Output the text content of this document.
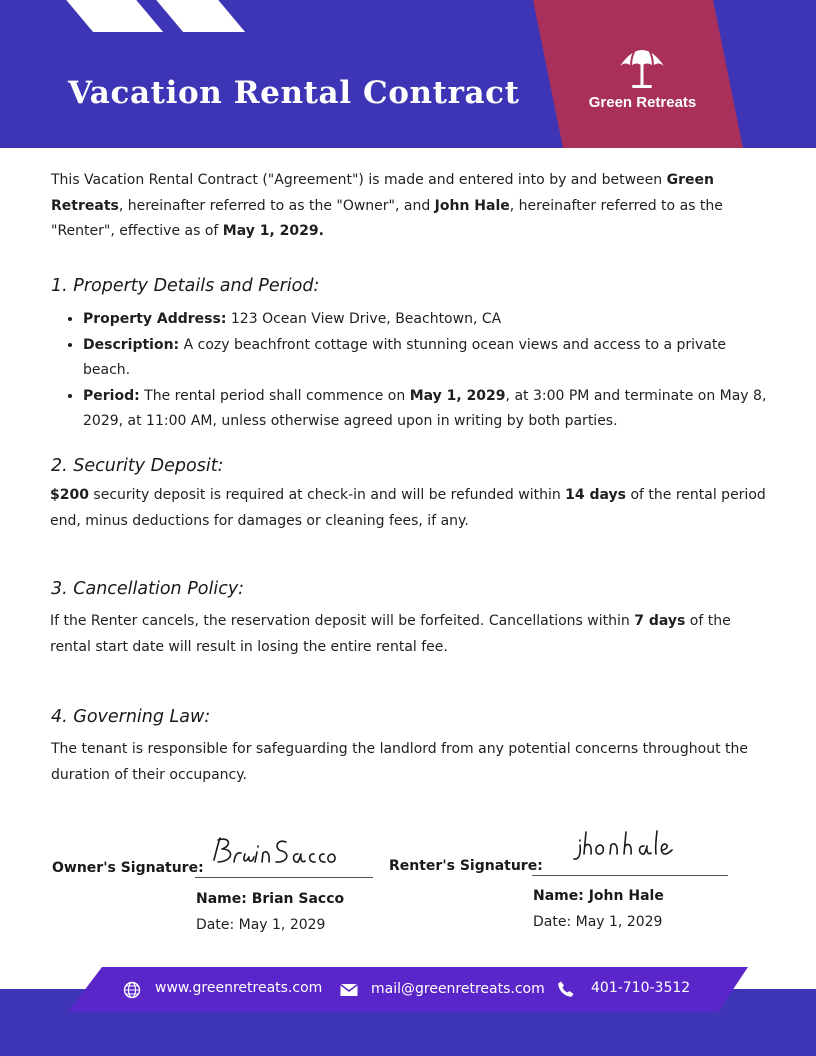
Vacation Rental Contract	Green Retreats
This Vacation Rental Contract ("Agreement") is made and entered into by and between Green Retreats, hereinafter referred to as the "Owner", and John Hale, hereinafter referred to as the "Renter", effective as of May 1, 2029.
1. Property Details and Period:
• Property Address: 123 Ocean View Drive, Beachtown, CA
• Description: A cozy beachfront cottage with stunning ocean views and access to a private beach.
• Period: The rental period shall commence on May 1, 2029, at 3:00 PM and terminate on May 8, 2029, at 11:00 AM, unless otherwise agreed upon in writing by both parties.
2. Security Deposit:
$200 security deposit is required at check-in and will be refunded within 14 days of the rental period end, minus deductions for damages or cleaning fees, if any.
3. Cancellation Policy:
If the Renter cancels, the reservation deposit will be forfeited. Cancellations within 7 days of the rental start date will result in losing the entire rental fee.
4. Governing Law:
The tenant is responsible for safeguarding the landlord from any potential concerns throughout the duration of their occupancy.
Owner's Signature:
Name: Brian Sacco
Date: May 1, 2029
Renter's Signature:
Name: John Hale
Date: May 1, 2029
www.greenretreats.com	mail@greenretreats.com	401-710-3512
